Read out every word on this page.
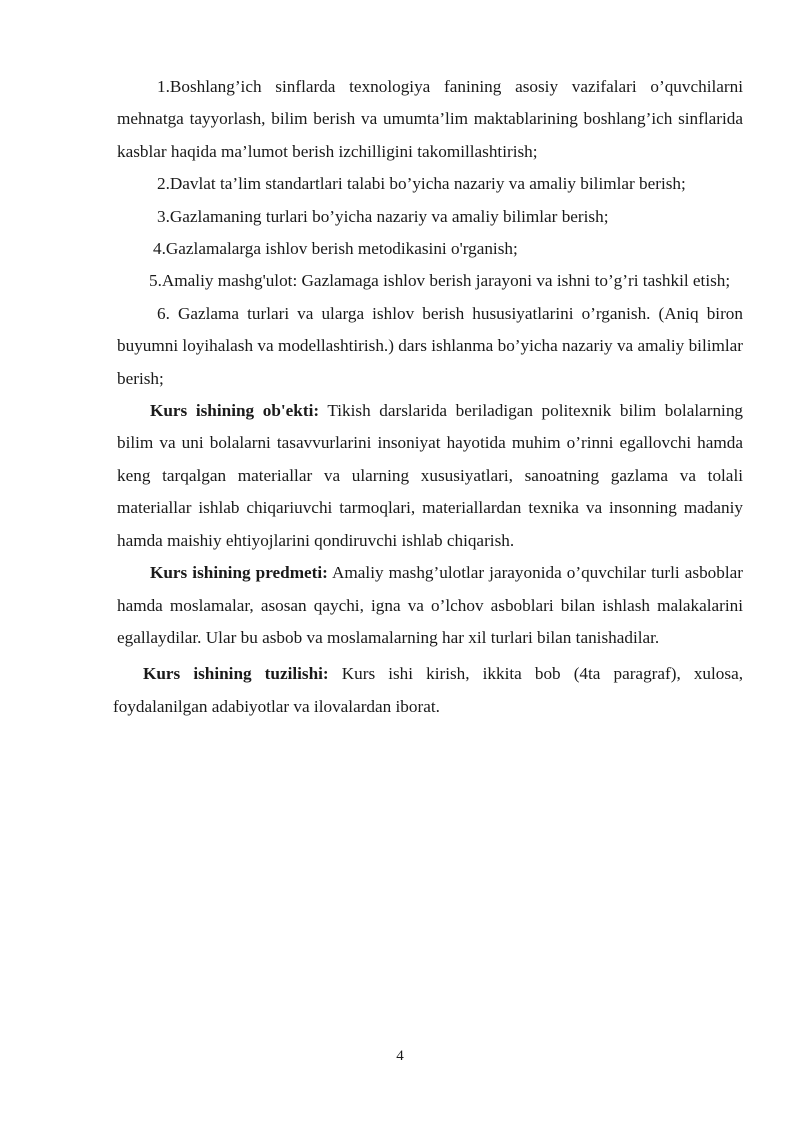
1.Boshlang’ich sinflarda texnologiya fanining asosiy vazifalari o’quvchilarni mehnatga tayyorlash, bilim berish va umumta’lim maktablarining boshlang’ich sinflarida kasblar haqida ma’lumot berish izchilligini takomillashtirish;

2.Davlat ta’lim standartlari talabi bo’yicha nazariy va amaliy bilimlar berish;

3.Gazlamaning turlari bo’yicha nazariy va amaliy bilimlar berish;

4.Gazlamalarga ishlov berish metodikasini o'rganish;

5.Amaliy mashg'ulot: Gazlamaga ishlov berish jarayoni va ishni to’g’ri tashkil etish;

6. Gazlama turlari va ularga ishlov berish hususiyatlarini o’rganish. (Aniq biron buyumni loyihalash va modellashtirish.) dars ishlanma bo’yicha nazariy va amaliy bilimlar berish;

Kurs ishining ob'ekti: Tikish darslarida beriladigan politexnik bilim bolalarning bilim va uni bolalarni tasavvurlarini insoniyat hayotida muhim o’rinni egallovchi hamda keng tarqalgan materiallar va ularning xususiyatlari, sanoatning gazlama va tolali materiallar ishlab chiqariuvchi tarmoqlari, materiallardan texnika va insonning madaniy hamda maishiy ehtiyojlarini qondiruvchi ishlab chiqarish.

Kurs ishining predmeti: Amaliy mashg’ulotlar jarayonida o’quvchilar turli asboblar hamda moslamalar, asosan qaychi, igna va o’lchov asboblari bilan ishlash malakalarini egallaydilar. Ular bu asbob va moslamalarning har xil turlari bilan tanishadilar.

Kurs ishining tuzilishi: Kurs ishi kirish, ikkita bob (4ta paragraf), xulosa, foydalanilgan adabiyotlar va ilovalardan iborat.

4
